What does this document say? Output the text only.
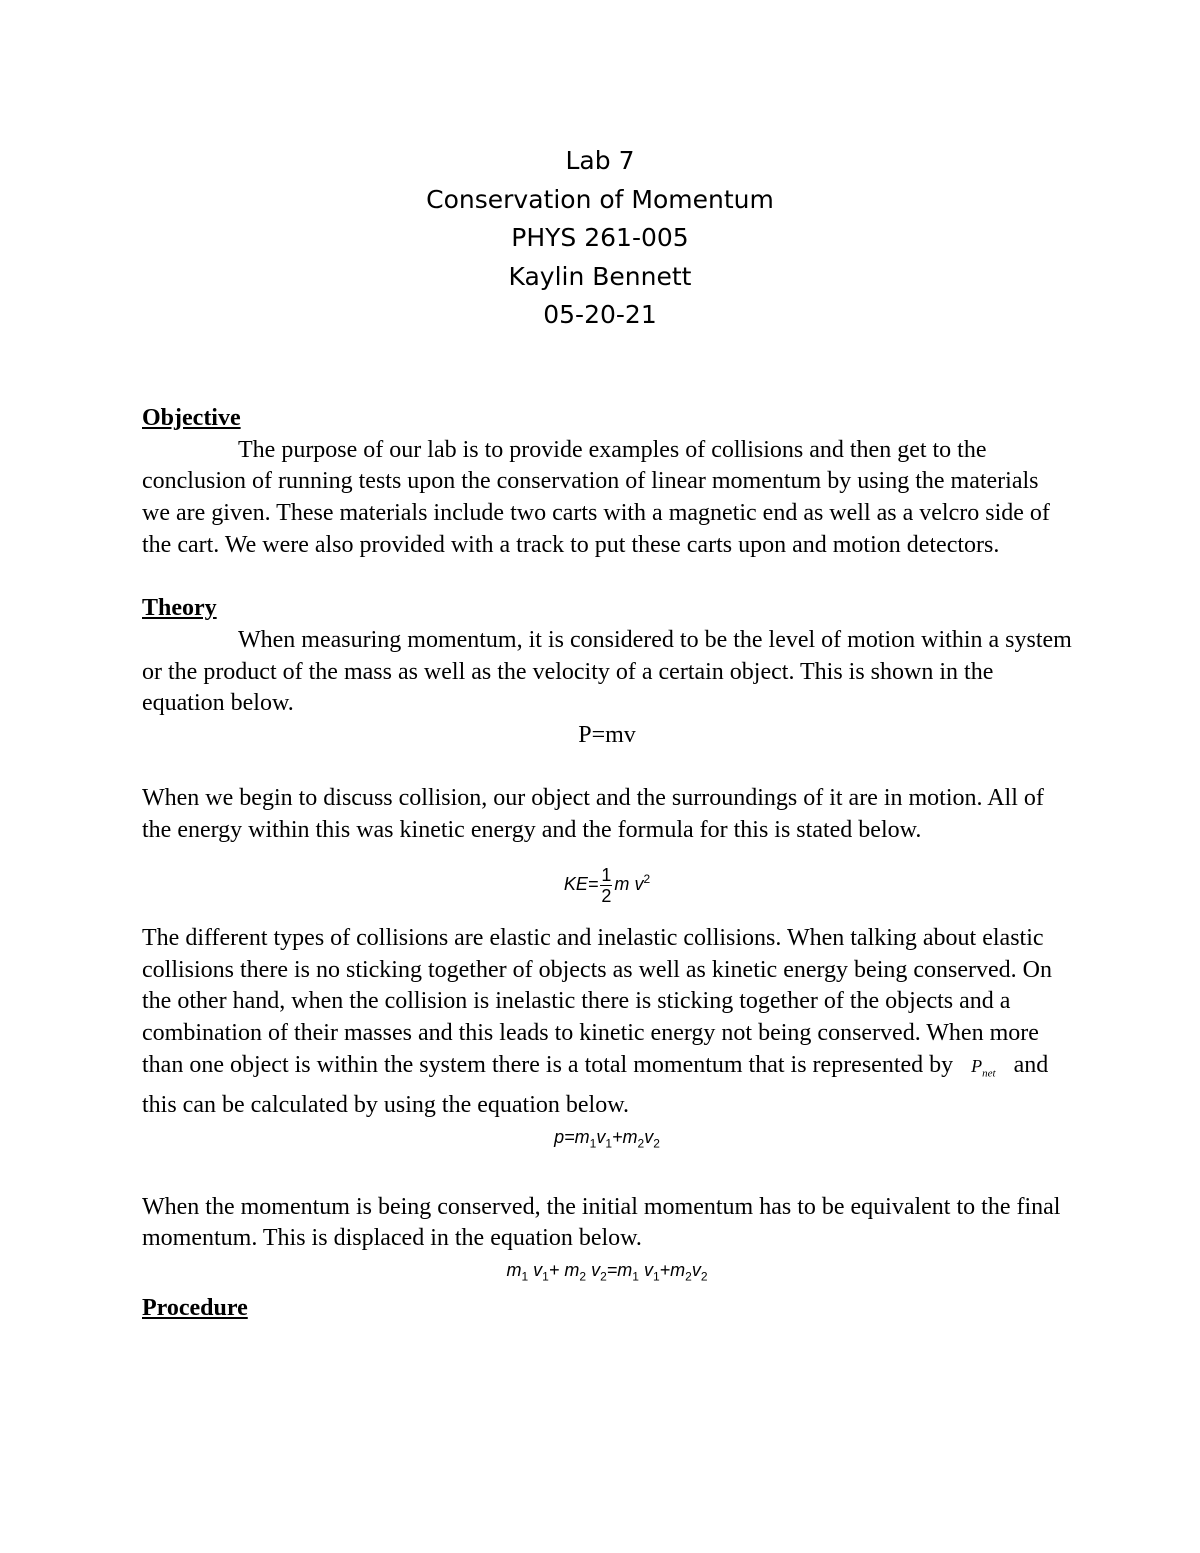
Lab 7
Conservation of Momentum
PHYS 261-005
Kaylin Bennett
05-20-21

Objective

The purpose of our lab is to provide examples of collisions and then get to the conclusion of running tests upon the conservation of linear momentum by using the materials we are given. These materials include two carts with a magnetic end as well as a velcro side of the cart. We were also provided with a track to put these carts upon and motion detectors.

Theory

When measuring momentum, it is considered to be the level of motion within a system or the product of the mass as well as the velocity of a certain object. This is shown in the equation below.

P=mv

When we begin to discuss collision, our object and the surroundings of it are in motion. All of the energy within this was kinetic energy and the formula for this is stated below.

$KE= \frac{1}{2}$ m $v^2$

The different types of collisions are elastic and inelastic collisions. When talking about elastic collisions there is no sticking together of objects as well as kinetic energy being conserved. On the other hand, when the collision is inelastic there is sticking together of the objects and a combination of their masses and this leads to kinetic energy not being conserved. When more than one object is within the system there is a total momentum that is represented by $P_{net}$ and this can be calculated by using the equation below.

$p=m_1v_1+m_2v_2$

When the momentum is being conserved, the initial momentum has to be equivalent to the final momentum. This is displaced in the equation below.

$m_1$ $v_1+ m_2$ $v_2=m_1$ $v_1+m_2v_2$

Procedure
